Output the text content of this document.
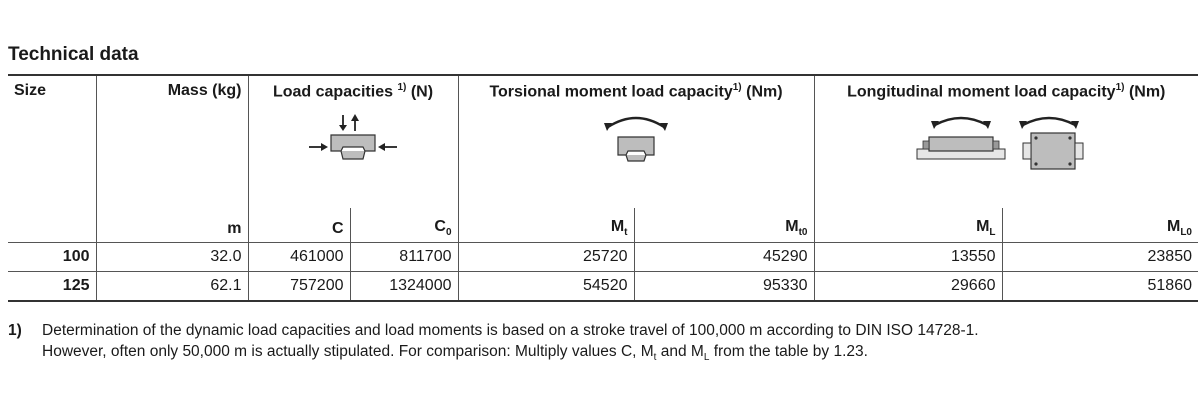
Technical data
Size	Mass (kg)	Load capacities $^{1)}$ (N)		Torsional moment load capacity$^{1)}$ (Nm)		Longitudinal moment load capacity$^{1)}$ (Nm)	

	m	C	$C_0$	$M_t$	$M_{t0}$	$M_L$	$M_{L0}$
100	32.0	461000	811700	25720	45290	13550	23850
125	62.1	757200	1324000	54520	95330	29660	51860
1) Determination of the dynamic load capacities and load moments is based on a stroke travel of 100,000 m according to DIN ISO 14728-1.
However, often only 50,000 m is actually stipulated. For comparison: Multiply values C, $M_t$ and $M_L$ from the table by 1.23.
